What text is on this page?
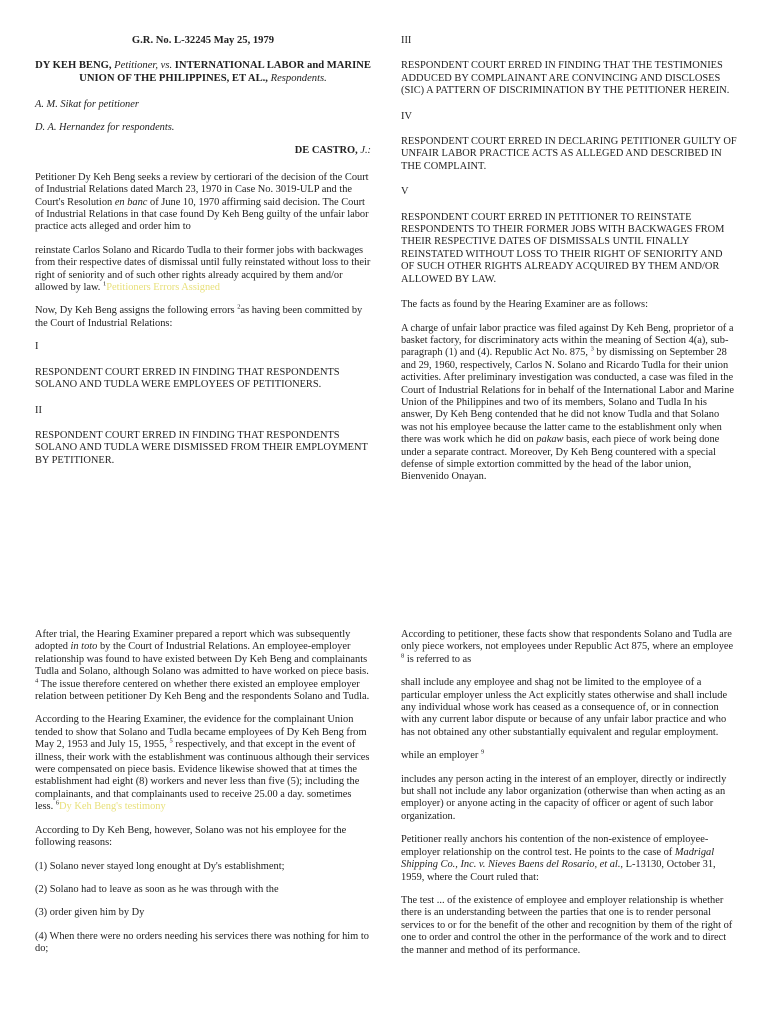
G.R. No. L-32245 May 25, 1979

DY KEH BENG, Petitioner, vs. INTERNATIONAL LABOR and MARINE UNION OF THE PHILIPPINES, ET AL., Respondents.

A. M. Sikat for petitioner

D. A. Hernandez for respondents.

DE CASTRO, J.:

Petitioner Dy Keh Beng seeks a review by certiorari of the decision of the Court of Industrial Relations dated March 23, 1970 in Case No. 3019-ULP and the Court's Resolution en banc of June 10, 1970 affirming said decision. The Court of Industrial Relations in that case found Dy Keh Beng guilty of the unfair labor practice acts alleged and order him to

reinstate Carlos Solano and Ricardo Tudla to their former jobs with backwages from their respective dates of dismissal until fully reinstated without loss to their right of seniority and of such other rights already acquired by them and/or allowed by law. $^1$Petitioners Errors Assigned

Now, Dy Keh Beng assigns the following errors $^2$as having been committed by the Court of Industrial Relations:

I

RESPONDENT COURT ERRED IN FINDING THAT RESPONDENTS SOLANO AND TUDLA WERE EMPLOYEES OF PETITIONERS.

II

RESPONDENT COURT ERRED IN FINDING THAT RESPONDENTS SOLANO AND TUDLA WERE DISMISSED FROM THEIR EMPLOYMENT BY PETITIONER.

III

RESPONDENT COURT ERRED IN FINDING THAT THE TESTIMONIES ADDUCED BY COMPLAINANT ARE CONVINCING AND DISCLOSES (SIC) A PATTERN OF DISCRIMINATION BY THE PETITIONER HEREIN.

IV

RESPONDENT COURT ERRED IN DECLARING PETITIONER GUILTY OF UNFAIR LABOR PRACTICE ACTS AS ALLEGED AND DESCRIBED IN THE COMPLAINT.

V

RESPONDENT COURT ERRED IN PETITIONER TO REINSTATE RESPONDENTS TO THEIR FORMER JOBS WITH BACKWAGES FROM THEIR RESPECTIVE DATES OF DISMISSALS UNTIL FINALLY REINSTATED WITHOUT LOSS TO THEIR RIGHT OF SENIORITY AND OF SUCH OTHER RIGHTS ALREADY ACQUIRED BY THEM AND/OR ALLOWED BY LAW.

The facts as found by the Hearing Examiner are as follows:

A charge of unfair labor practice was filed against Dy Keh Beng, proprietor of a basket factory, for discriminatory acts within the meaning of Section 4(a), sub-paragraph (1) and (4). Republic Act No. 875, $^3$ by dismissing on September 28 and 29, 1960, respectively, Carlos N. Solano and Ricardo Tudla for their union activities. After preliminary investigation was conducted, a case was filed in the Court of Industrial Relations for in behalf of the International Labor and Marine Union of the Philippines and two of its members, Solano and Tudla In his answer, Dy Keh Beng contended that he did not know Tudla and that Solano was not his employee because the latter came to the establishment only when there was work which he did on pakaw basis, each piece of work being done under a separate contract. Moreover, Dy Keh Beng countered with a special defense of simple extortion committed by the head of the labor union, Bienvenido Onayan.

After trial, the Hearing Examiner prepared a report which was subsequently adopted in toto by the Court of Industrial Relations. An employee-employer relationship was found to have existed between Dy Keh Beng and complainants Tudla and Solano, although Solano was admitted to have worked on piece basis. $^4$ The issue therefore centered on whether there existed an employee employer relation between petitioner Dy Keh Beng and the respondents Solano and Tudla.

According to the Hearing Examiner, the evidence for the complainant Union tended to show that Solano and Tudla became employees of Dy Keh Beng from May 2, 1953 and July 15, 1955, $^5$ respectively, and that except in the event of illness, their work with the establishment was continuous although their services were compensated on piece basis. Evidence likewise showed that at times the establishment had eight (8) workers and never less than five (5); including the complainants, and that complainants used to receive 25.00 a day. sometimes less. $^6$Dy Keh Beng's testimony

According to Dy Keh Beng, however, Solano was not his employee for the following reasons:

(1) Solano never stayed long enought at Dy's establishment;

(2) Solano had to leave as soon as he was through with the

(3) order given him by Dy

(4) When there were no orders needing his services there was nothing for him to do;

According to petitioner, these facts show that respondents Solano and Tudla are only piece workers, not employees under Republic Act 875, where an employee $^8$ is referred to as

shall include any employee and shag not be limited to the employee of a particular employer unless the Act explicitly states otherwise and shall include any individual whose work has ceased as a consequence of, or in connection with any current labor dispute or because of any unfair labor practice and who has not obtained any other substantially equivalent and regular employment.

while an employer $^9$

includes any person acting in the interest of an employer, directly or indirectly but shall not include any labor organization (otherwise than when acting as an employer) or anyone acting in the capacity of officer or agent of such labor organization.

Petitioner really anchors his contention of the non-existence of employee-employer relationship on the control test. He points to the case of Madrigal Shipping Co., Inc. v. Nieves Baens del Rosario, et al., L-13130, October 31, 1959, where the Court ruled that:

The test ... of the existence of employee and employer relationship is whether there is an understanding between the parties that one is to render personal services to or for the benefit of the other and recognition by them of the right of one to order and control the other in the performance of the work and to direct the manner and method of its performance.
